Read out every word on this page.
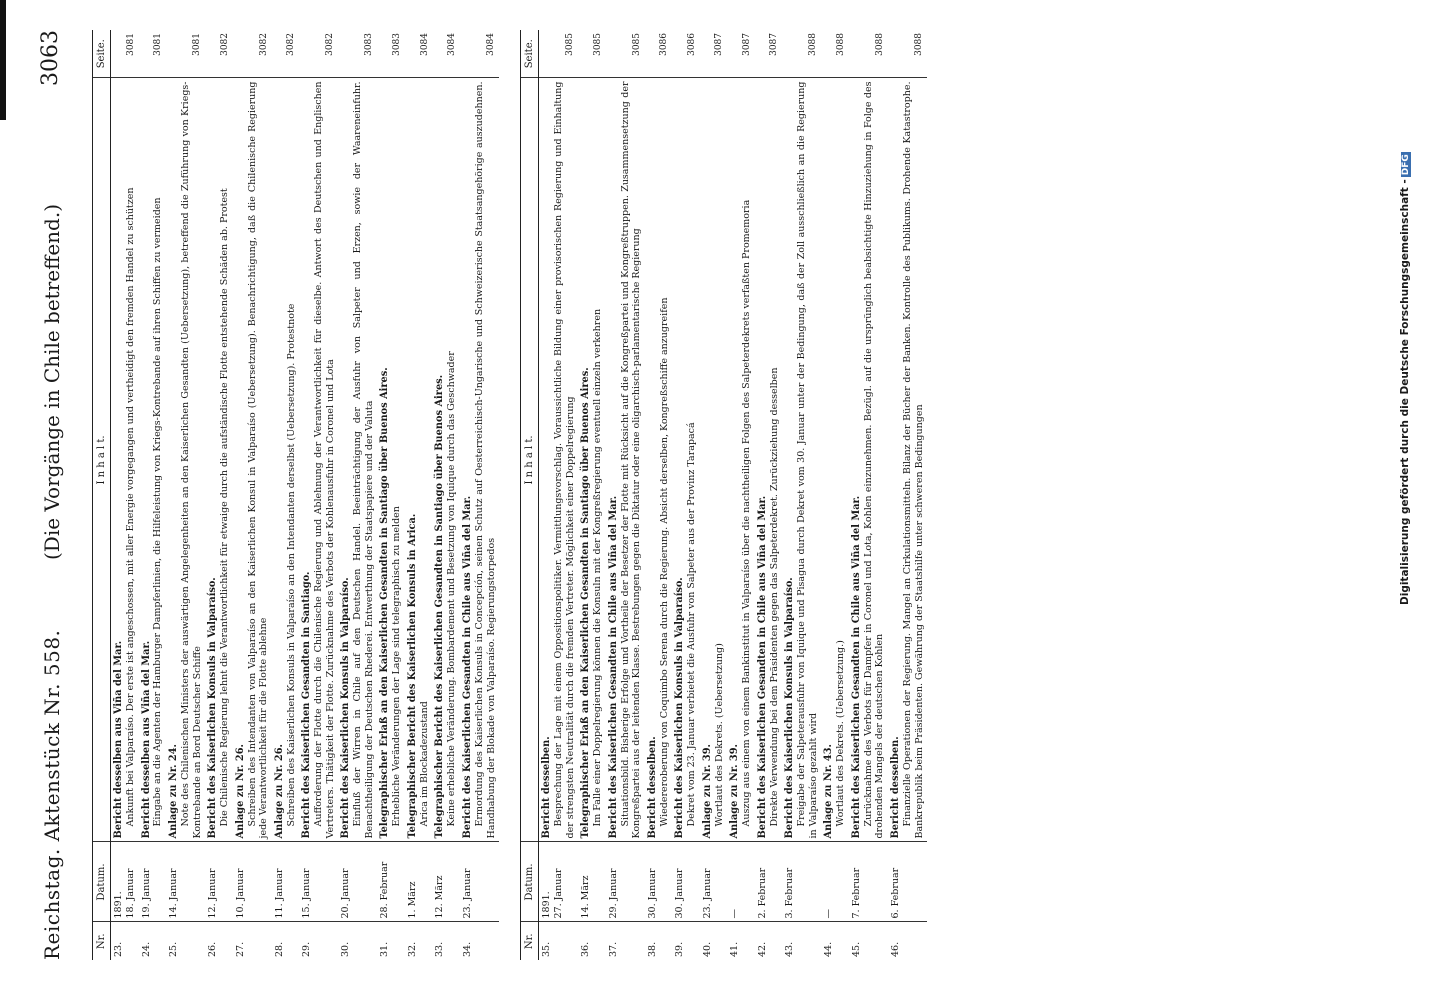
Reichstag. Aktenstück Nr. 558.
(Die Vorgänge in Chile betreffend.)
3063
Nr.	Datum.	I n h a l t.	Seite.
23.	1891. 18. Januar	Bericht desselben aus Viña del Mar. Ankunft bei Valparaíso. Der erste ist angeschossen, mit aller Energie vorgegangen und vertheidigt den fremden Handel zu schützen	3081
24.	19. Januar	Bericht desselben aus Viña del Mar. Eingabe an die Agenten der Hamburger Dampferlinien, die Hilfeleistung von Kriegs-Kontrebande auf ihren Schiffen zu vermeiden	3081
25.	14. Januar	Anlage zu Nr. 24. Note des Chilenischen Ministers der auswärtigen Angelegenheiten an den Kaiserlichen Gesandten (Uebersetzung), betreffend die Zuführung von Kriegs-Kontrebande an Bord Deutscher Schiffe	3081
26.	12. Januar	Bericht des Kaiserlichen Konsuls in Valparaíso. Die Chilenische Regierung lehnt die Verantwortlichkeit für etwaige durch die aufständische Flotte entstehende Schäden ab. Protest	3082
27.	10. Januar	Anlage zu Nr. 26. Schreiben des Intendanten von Valparaíso an den Kaiserlichen Konsul in Valparaíso (Uebersetzung). Benachrichtigung, daß die Chilenische Regierung jede Verantwortlichkeit für die Flotte ablehne	3082
28.	11. Januar	Anlage zu Nr. 26. Schreiben des Kaiserlichen Konsuls in Valparaíso an den Intendanten derselbst (Uebersetzung). Protestnote	3082
29.	15. Januar	Bericht des Kaiserlichen Gesandten in Santiago. Aufforderung der Flotte durch die Chilenische Regierung und Ablehnung der Verantwortlichkeit für dieselbe. Antwort des Deutschen und Englischen Vertreters. Thätigkeit der Flotte. Zurücknahme des Verbots der Kohlenausfuhr in Coronel und Lota	3082
30.	20. Januar	Bericht des Kaiserlichen Konsuls in Valparaíso. Einfluß der Wirren in Chile auf den Deutschen Handel. Beeinträchtigung der Ausfuhr von Salpeter und Erzen, sowie der Waareneinfuhr. Benachtheiligung der Deutschen Rhederei. Entwerthung der Staatspapiere und der Valuta	3083
31.	28. Februar	Telegraphischer Erlaß an den Kaiserlichen Gesandten in Santiago über Buenos Aires. Erhebliche Veränderungen der Lage sind telegraphisch zu melden	3083
32.	1. März	Telegraphischer Bericht des Kaiserlichen Konsuls in Arica. Arica im Blockadezustand	3084
33.	12. März	Telegraphischer Bericht des Kaiserlichen Gesandten in Santiago über Buenos Aires. Keine erhebliche Veränderung. Bombardement und Besetzung von Iquique durch das Geschwader	3084
34.	23. Januar	Bericht des Kaiserlichen Gesandten in Chile aus Viña del Mar. Ermordung des Kaiserlichen Konsuls in Concepción, seinen Schutz auf Oesterreichisch-Ungarische und Schweizerische Staatsangehörige auszudehnen. Handhabung der Blokade von Valparaíso. Regierungstorpedos	3084
Nr.	Datum.	I n h a l t.	Seite.
35.	1891. 27. Januar	Bericht desselben. Besprechung der Lage mit einem Oppositionspolitiker. Vermittlungsvorschlag. Voraussichtliche Bildung einer provisorischen Regierung und Einhaltung der strengsten Neutralität durch die fremden Vertreter. Möglichkeit einer Doppelregierung	3085
36.	14. März	Telegraphischer Erlaß an den Kaiserlichen Gesandten in Santiago über Buenos Aires. Im Falle einer Doppelregierung können die Konsuln mit der Kongreßregierung eventuell einzeln verkehren	3085
37.	29. Januar	Bericht des Kaiserlichen Gesandten in Chile aus Viña del Mar. Situationsbild. Bisherige Erfolge und Vortheile der Besetzer der Flotte mit Rücksicht auf die Kongreßpartei und Kongreßtruppen. Zusammensetzung der Kongreßpartei aus der leitenden Klasse. Bestrebungen gegen die Diktatur oder eine oligarchisch-parlamentarische Regierung	3085
38.	30. Januar	Bericht desselben. Wiedereroberung von Coquimbo Serena durch die Regierung. Absicht derselben, Kongreßschiffe anzugreifen	3086
39.	30. Januar	Bericht des Kaiserlichen Konsuls in Valparaíso. Dekret vom 23. Januar verbietet die Ausfuhr von Salpeter aus der Provinz Tarapacá	3086
40.	23. Januar	Anlage zu Nr. 39. Wortlaut des Dekrets. (Uebersetzung)	3087
41.	—	Anlage zu Nr. 39. Auszug aus einem von einem Bankinstitut in Valparaíso über die nachtheiligen Folgen des Salpeterdekrets verfaßten Promemoria	3087
42.	2. Februar	Bericht des Kaiserlichen Gesandten in Chile aus Viña del Mar. Direkte Verwendung bei dem Präsidenten gegen das Salpeterdekret. Zurückziehung desselben	3087
43.	3. Februar	Bericht des Kaiserlichen Konsuls in Valparaíso. Freigabe der Salpeterausfuhr von Iquique und Pisagua durch Dekret vom 30. Januar unter der Bedingung, daß der Zoll ausschließlich an die Regierung in Valparaíso gezahlt wird	3088
44.	—	Anlage zu Nr. 43. Wortlaut des Dekrets. (Uebersetzung.)	3088
45.	7. Februar	Bericht des Kaiserlichen Gesandten in Chile aus Viña del Mar. Zurücknahme des Verbots für Dampfer in Coronel und Lota, Kohlen einzunehmen. Bezügl. auf die ursprünglich beabsichtigte Hinzuziehung in Folge des drohenden Mangels der deutschen Kohlen	3088
46.	6. Februar	Bericht desselben. Finanzielle Operationen der Regierung. Mangel an Cirkulationsmitteln. Bilanz der Bücher der Banken. Kontrolle des Publikums. Drohende Katastrophe. Bankrepublik beim Präsidenten. Gewährung der Staatshilfe unter schweren Bedingungen	3088
Digitalisierung gefördert durch die Deutsche Forschungsgemeinschaft -DFG
